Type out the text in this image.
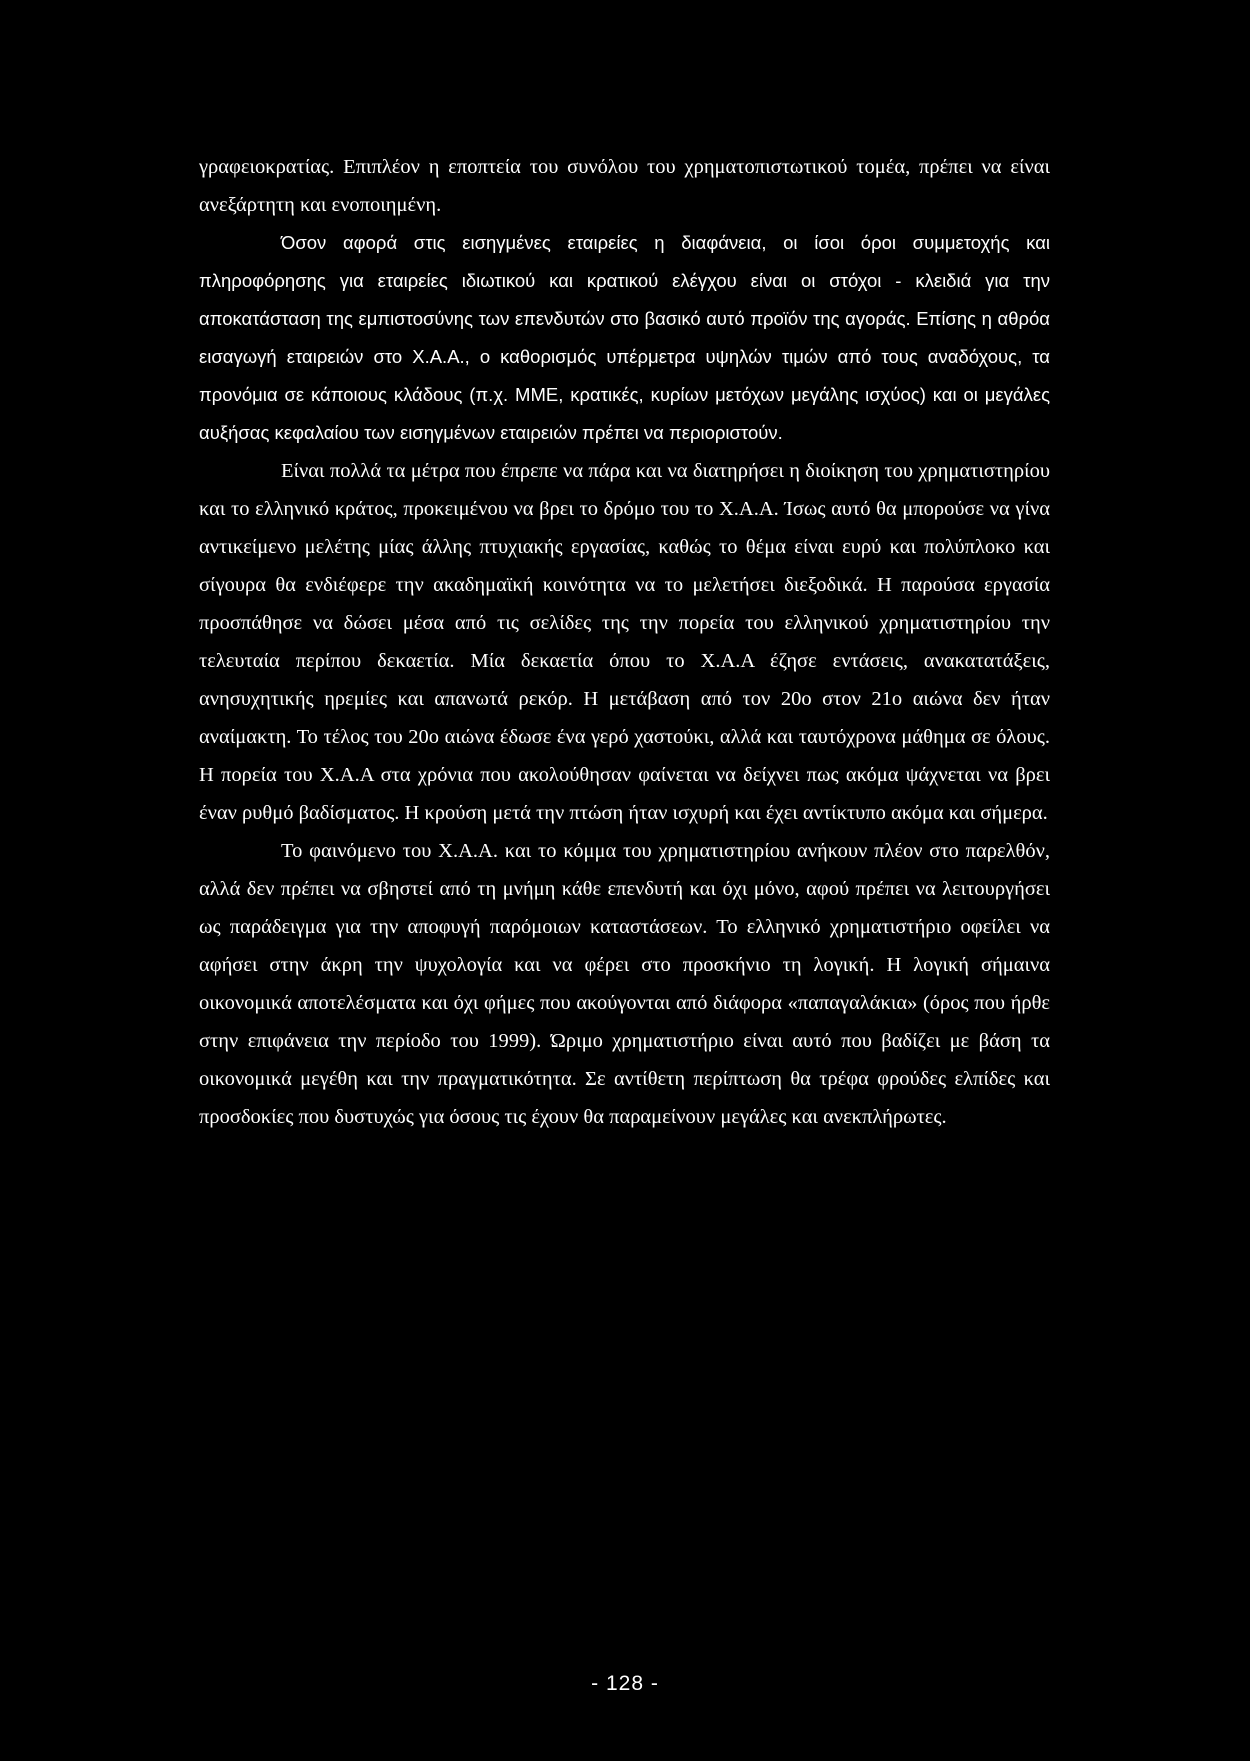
γραφειοκρατίας. Επιπλέον η εποπτεία του συνόλου του χρηματοπιστωτικού τομέα, πρέπει να είναι ανεξάρτητη και ενοποιημένη.

Όσον αφορά στις εισηγμένες εταιρείες η διαφάνεια, οι ίσοι όροι συμμετοχής και πληροφόρησης για εταιρείες ιδιωτικού και κρατικού ελέγχου είναι οι στόχοι - κλειδιά για την αποκατάσταση της εμπιστοσύνης των επενδυτών στο βασικό αυτό προϊόν της αγοράς. Επίσης η αθρόα εισαγωγή εταιρειών στο Χ.Α.Α., ο καθορισμός υπέρμετρα υψηλών τιμών από τους αναδόχους, τα προνόμια σε κάποιους κλάδους (π.χ. ΜΜΕ, κρατικές, κυρίων μετόχων μεγάλης ισχύος) και οι μεγάλες αυξήσας κεφαλαίου των εισηγμένων εταιρειών πρέπει να περιοριστούν.

Είναι πολλά τα μέτρα που έπρεπε να πάρα και να διατηρήσει η διοίκηση του χρηματιστηρίου και το ελληνικό κράτος, προκειμένου να βρει το δρόμο του το Χ.Α.Α. Ίσως αυτό θα μπορούσε να γίνα αντικείμενο μελέτης μίας άλλης πτυχιακής εργασίας, καθώς το θέμα είναι ευρύ και πολύπλοκο και σίγουρα θα ενδιέφερε την ακαδημαϊκή κοινότητα να το μελετήσει διεξοδικά. Η παρούσα εργασία προσπάθησε να δώσει μέσα από τις σελίδες της την πορεία του ελληνικού χρηματιστηρίου την τελευταία περίπου δεκαετία. Μία δεκαετία όπου το Χ.Α.Α έζησε εντάσεις, ανακατατάξεις, ανησυχητικής ηρεμίες και απανωτά ρεκόρ. Η μετάβαση από τον 20ο στον 21ο αιώνα δεν ήταν αναίμακτη. Το τέλος του 20ο αιώνα έδωσε ένα γερό χαστούκι, αλλά και ταυτόχρονα μάθημα σε όλους. Η πορεία του Χ.Α.Α στα χρόνια που ακολούθησαν φαίνεται να δείχνει πως ακόμα ψάχνεται να βρει έναν ρυθμό βαδίσματος. Η κρούση μετά την πτώση ήταν ισχυρή και έχει αντίκτυπο ακόμα και σήμερα.

Το φαινόμενο του Χ.Α.Α. και το κόμμα του χρηματιστηρίου ανήκουν πλέον στο παρελθόν, αλλά δεν πρέπει να σβηστεί από τη μνήμη κάθε επενδυτή και όχι μόνο, αφού πρέπει να λειτουργήσει ως παράδειγμα για την αποφυγή παρόμοιων καταστάσεων. Το ελληνικό χρηματιστήριο οφείλει να αφήσει στην άκρη την ψυχολογία και να φέρει στο προσκήνιο τη λογική. Η λογική σήμαινα οικονομικά αποτελέσματα και όχι φήμες που ακούγονται από διάφορα «παπαγαλάκια» (όρος που ήρθε στην επιφάνεια την περίοδο του 1999). Ώριμο χρηματιστήριο είναι αυτό που βαδίζει με βάση τα οικονομικά μεγέθη και την πραγματικότητα. Σε αντίθετη περίπτωση θα τρέφα φρούδες ελπίδες και προσδοκίες που δυστυχώς για όσους τις έχουν θα παραμείνουν μεγάλες και ανεκπλήρωτες.

- 128 -
